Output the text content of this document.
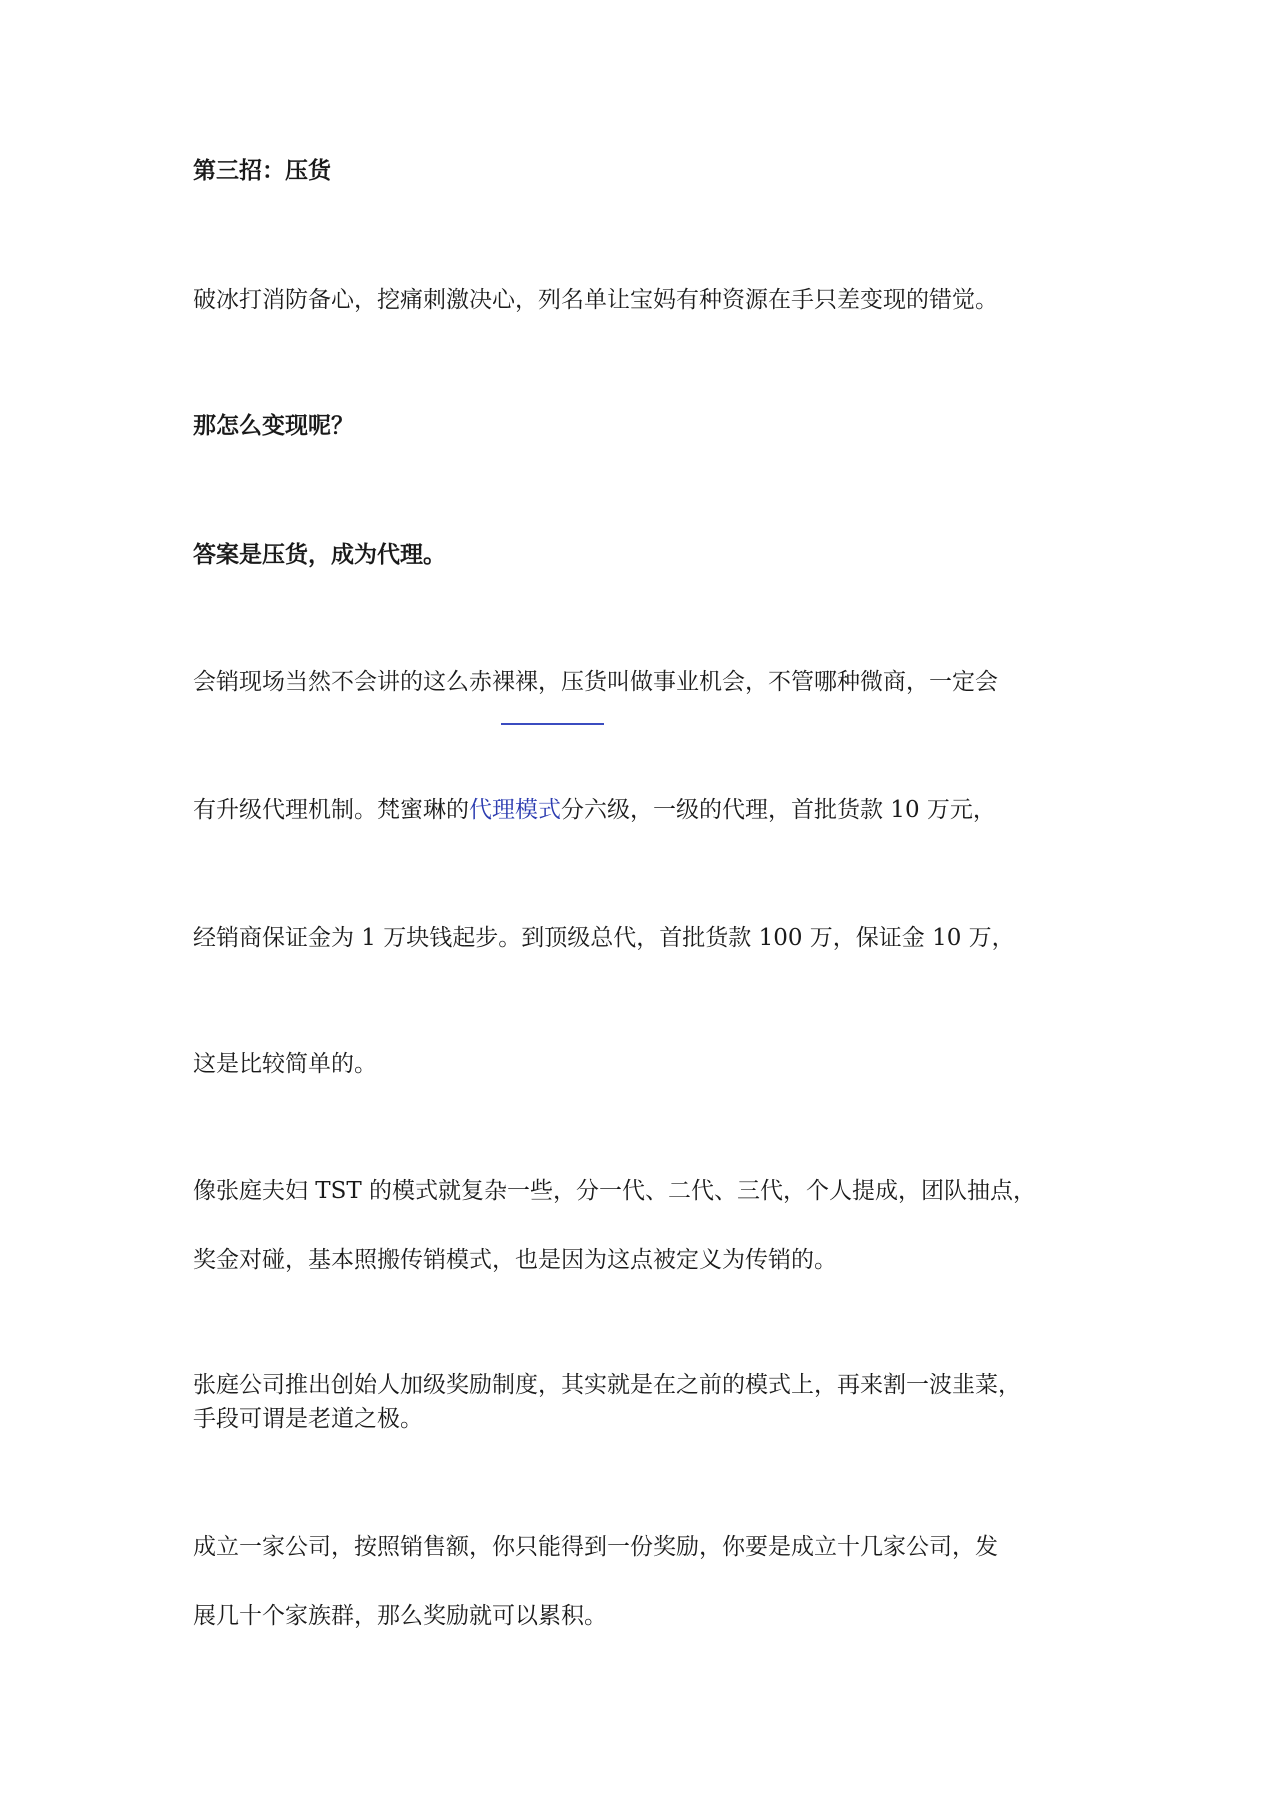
第三招：压货
破冰打消防备心，挖痛刺激决心，列名单让宝妈有种资源在手只差变现的错觉。
那怎么变现呢？
答案是压货，成为代理。
会销现场当然不会讲的这么赤裸裸，压货叫做事业机会，不管哪种微商，一定会
有升级代理机制。梵蜜琳的代理模式分六级，一级的代理，首批货款 10 万元，
经销商保证金为 1 万块钱起步。到顶级总代，首批货款 100 万，保证金 10 万，
这是比较简单的。
像张庭夫妇 TST 的模式就复杂一些，分一代、二代、三代，个人提成，团队抽点，
奖金对碰，基本照搬传销模式，也是因为这点被定义为传销的。
张庭公司推出创始人加级奖励制度，其实就是在之前的模式上，再来割一波韭菜，
手段可谓是老道之极。
成立一家公司，按照销售额，你只能得到一份奖励，你要是成立十几家公司，发
展几十个家族群，那么奖励就可以累积。
